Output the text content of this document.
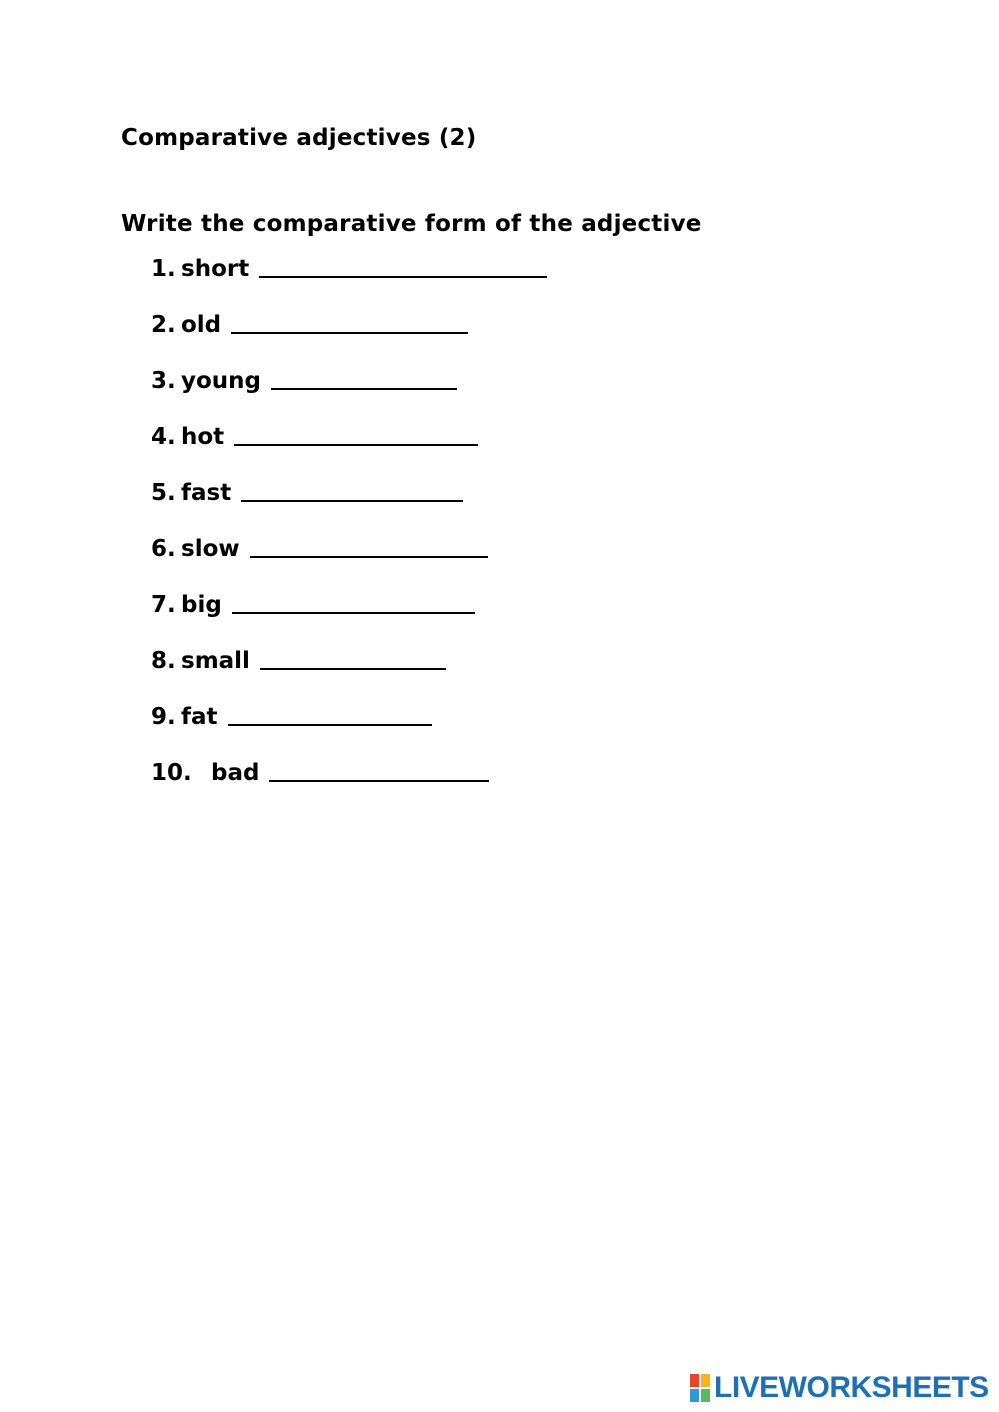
Comparative adjectives (2)
Write the comparative form of the adjective
1. short
2. old
3. young
4. hot
5. fast
6. slow
7. big
8. small
9. fat
10. bad
LIVEWORKSHEETS
